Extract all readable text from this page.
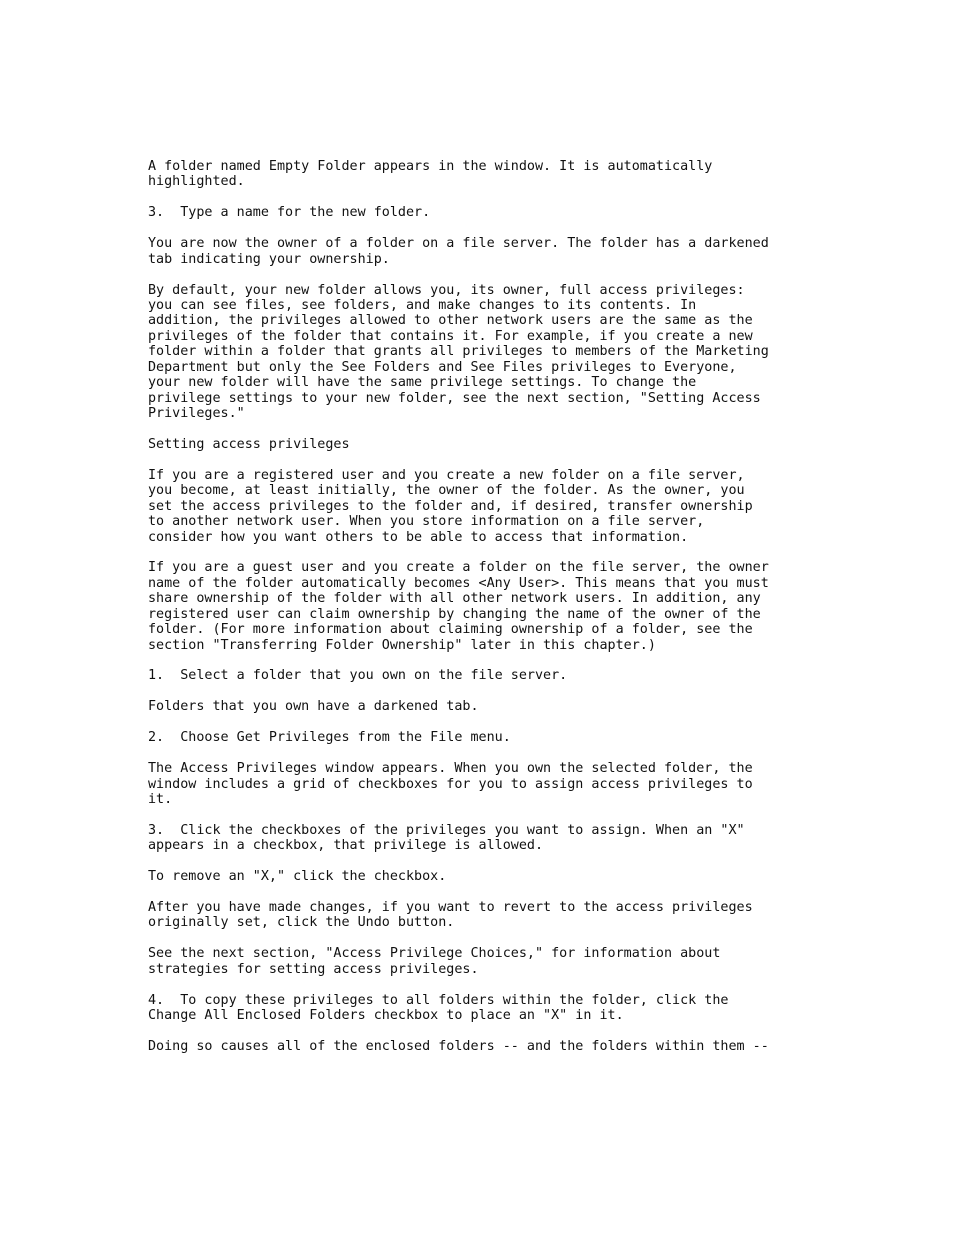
A folder named Empty Folder appears in the window. It is automatically
highlighted.
3.  Type a name for the new folder.
You are now the owner of a folder on a file server. The folder has a darkened
tab indicating your ownership.
By default, your new folder allows you, its owner, full access privileges:
you can see files, see folders, and make changes to its contents. In
addition, the privileges allowed to other network users are the same as the
privileges of the folder that contains it. For example, if you create a new
folder within a folder that grants all privileges to members of the Marketing
Department but only the See Folders and See Files privileges to Everyone,
your new folder will have the same privilege settings. To change the
privilege settings to your new folder, see the next section, "Setting Access
Privileges."
Setting access privileges
If you are a registered user and you create a new folder on a file server,
you become, at least initially, the owner of the folder. As the owner, you
set the access privileges to the folder and, if desired, transfer ownership
to another network user. When you store information on a file server,
consider how you want others to be able to access that information.
If you are a guest user and you create a folder on the file server, the owner
name of the folder automatically becomes <Any User>. This means that you must
share ownership of the folder with all other network users. In addition, any
registered user can claim ownership by changing the name of the owner of the
folder. (For more information about claiming ownership of a folder, see the
section "Transferring Folder Ownership" later in this chapter.)
1.  Select a folder that you own on the file server.
Folders that you own have a darkened tab.
2.  Choose Get Privileges from the File menu.
The Access Privileges window appears. When you own the selected folder, the
window includes a grid of checkboxes for you to assign access privileges to
it.
3.  Click the checkboxes of the privileges you want to assign. When an "X"
appears in a checkbox, that privilege is allowed.
To remove an "X," click the checkbox.
After you have made changes, if you want to revert to the access privileges
originally set, click the Undo button.
See the next section, "Access Privilege Choices," for information about
strategies for setting access privileges.
4.  To copy these privileges to all folders within the folder, click the
Change All Enclosed Folders checkbox to place an "X" in it.
Doing so causes all of the enclosed folders -- and the folders within them --
